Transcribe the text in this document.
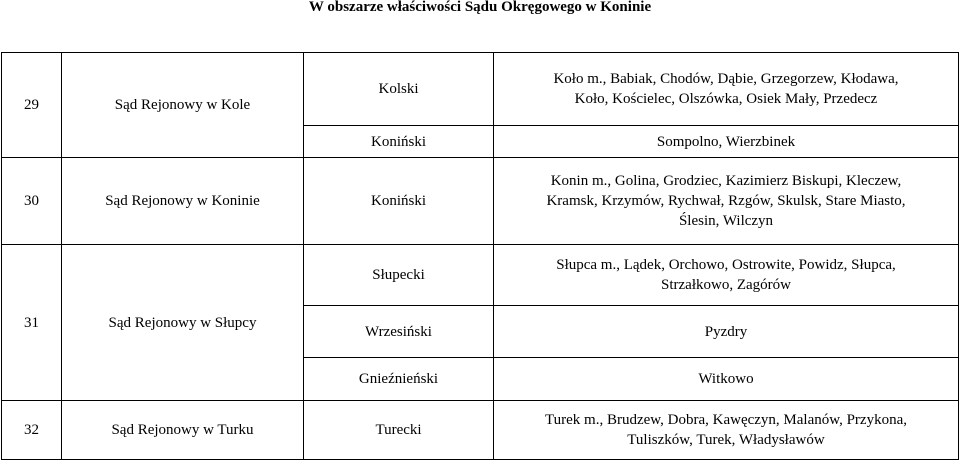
W obszarze właściwości Sądu Okręgowego w Koninie
29	Sąd Rejonowy w Kole	Kolski	Koło m., Babiak, Chodów, Dąbie, Grzegorzew, Kłodawa, Koło, Kościelec, Olszówka, Osiek Mały, Przedecz
		Koniński	Sompolno, Wierzbinek
30	Sąd Rejonowy w Koninie	Koniński	Konin m., Golina, Grodziec, Kazimierz Biskupi, Kleczew, Kramsk, Krzymów, Rychwał, Rzgów, Skulsk, Stare Miasto, Ślesin, Wilczyn
31	Sąd Rejonowy w Słupcy	Słupecki	Słupca m., Lądek, Orchowo, Ostrowite, Powidz, Słupca, Strzałkowo, Zagórów
		Wrzesiński	Pyzdry
		Gnieźnieński	Witkowo
32	Sąd Rejonowy w Turku	Turecki	Turek m., Brudzew, Dobra, Kawęczyn, Malanów, Przykona, Tuliszków, Turek, Władysławów
